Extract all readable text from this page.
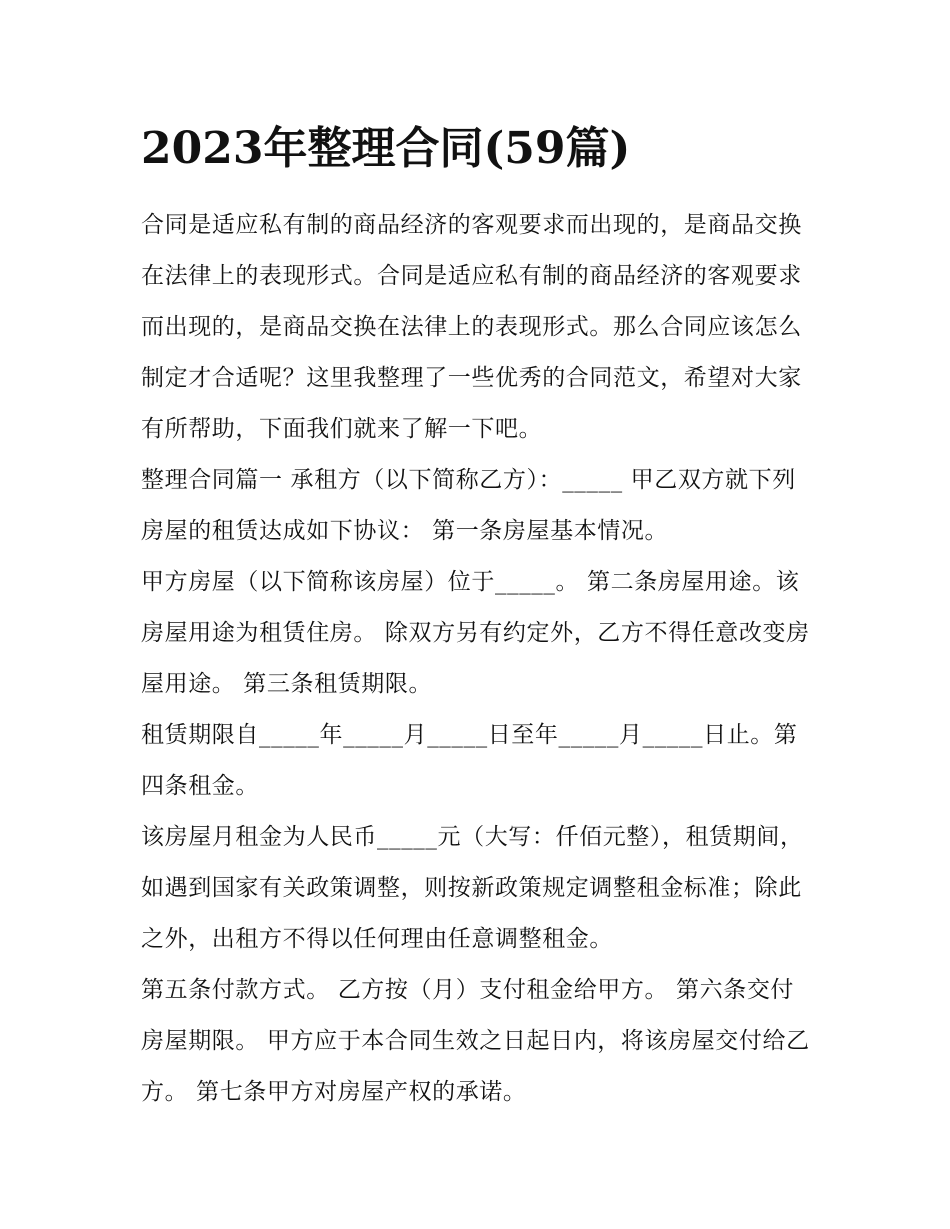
2023年整理合同(59篇)

合同是适应私有制的商品经济的客观要求而出现的，是商品交换在法律上的表现形式。合同是适应私有制的商品经济的客观要求而出现的，是商品交换在法律上的表现形式。那么合同应该怎么制定才合适呢？这里我整理了一些优秀的合同范文，希望对大家有所帮助，下面我们就来了解一下吧。

整理合同篇一 承租方（以下简称乙方）：_____ 甲乙双方就下列房屋的租赁达成如下协议： 第一条房屋基本情况。

甲方房屋（以下简称该房屋）位于_____。 第二条房屋用途。该房屋用途为租赁住房。 除双方另有约定外，乙方不得任意改变房屋用途。 第三条租赁期限。

租赁期限自_____年_____月_____日至年_____月_____日止。第四条租金。

该房屋月租金为人民币_____元（大写：仟佰元整），租赁期间，如遇到国家有关政策调整，则按新政策规定调整租金标准；除此之外，出租方不得以任何理由任意调整租金。

第五条付款方式。 乙方按（月）支付租金给甲方。 第六条交付房屋期限。 甲方应于本合同生效之日起日内，将该房屋交付给乙方。 第七条甲方对房屋产权的承诺。
